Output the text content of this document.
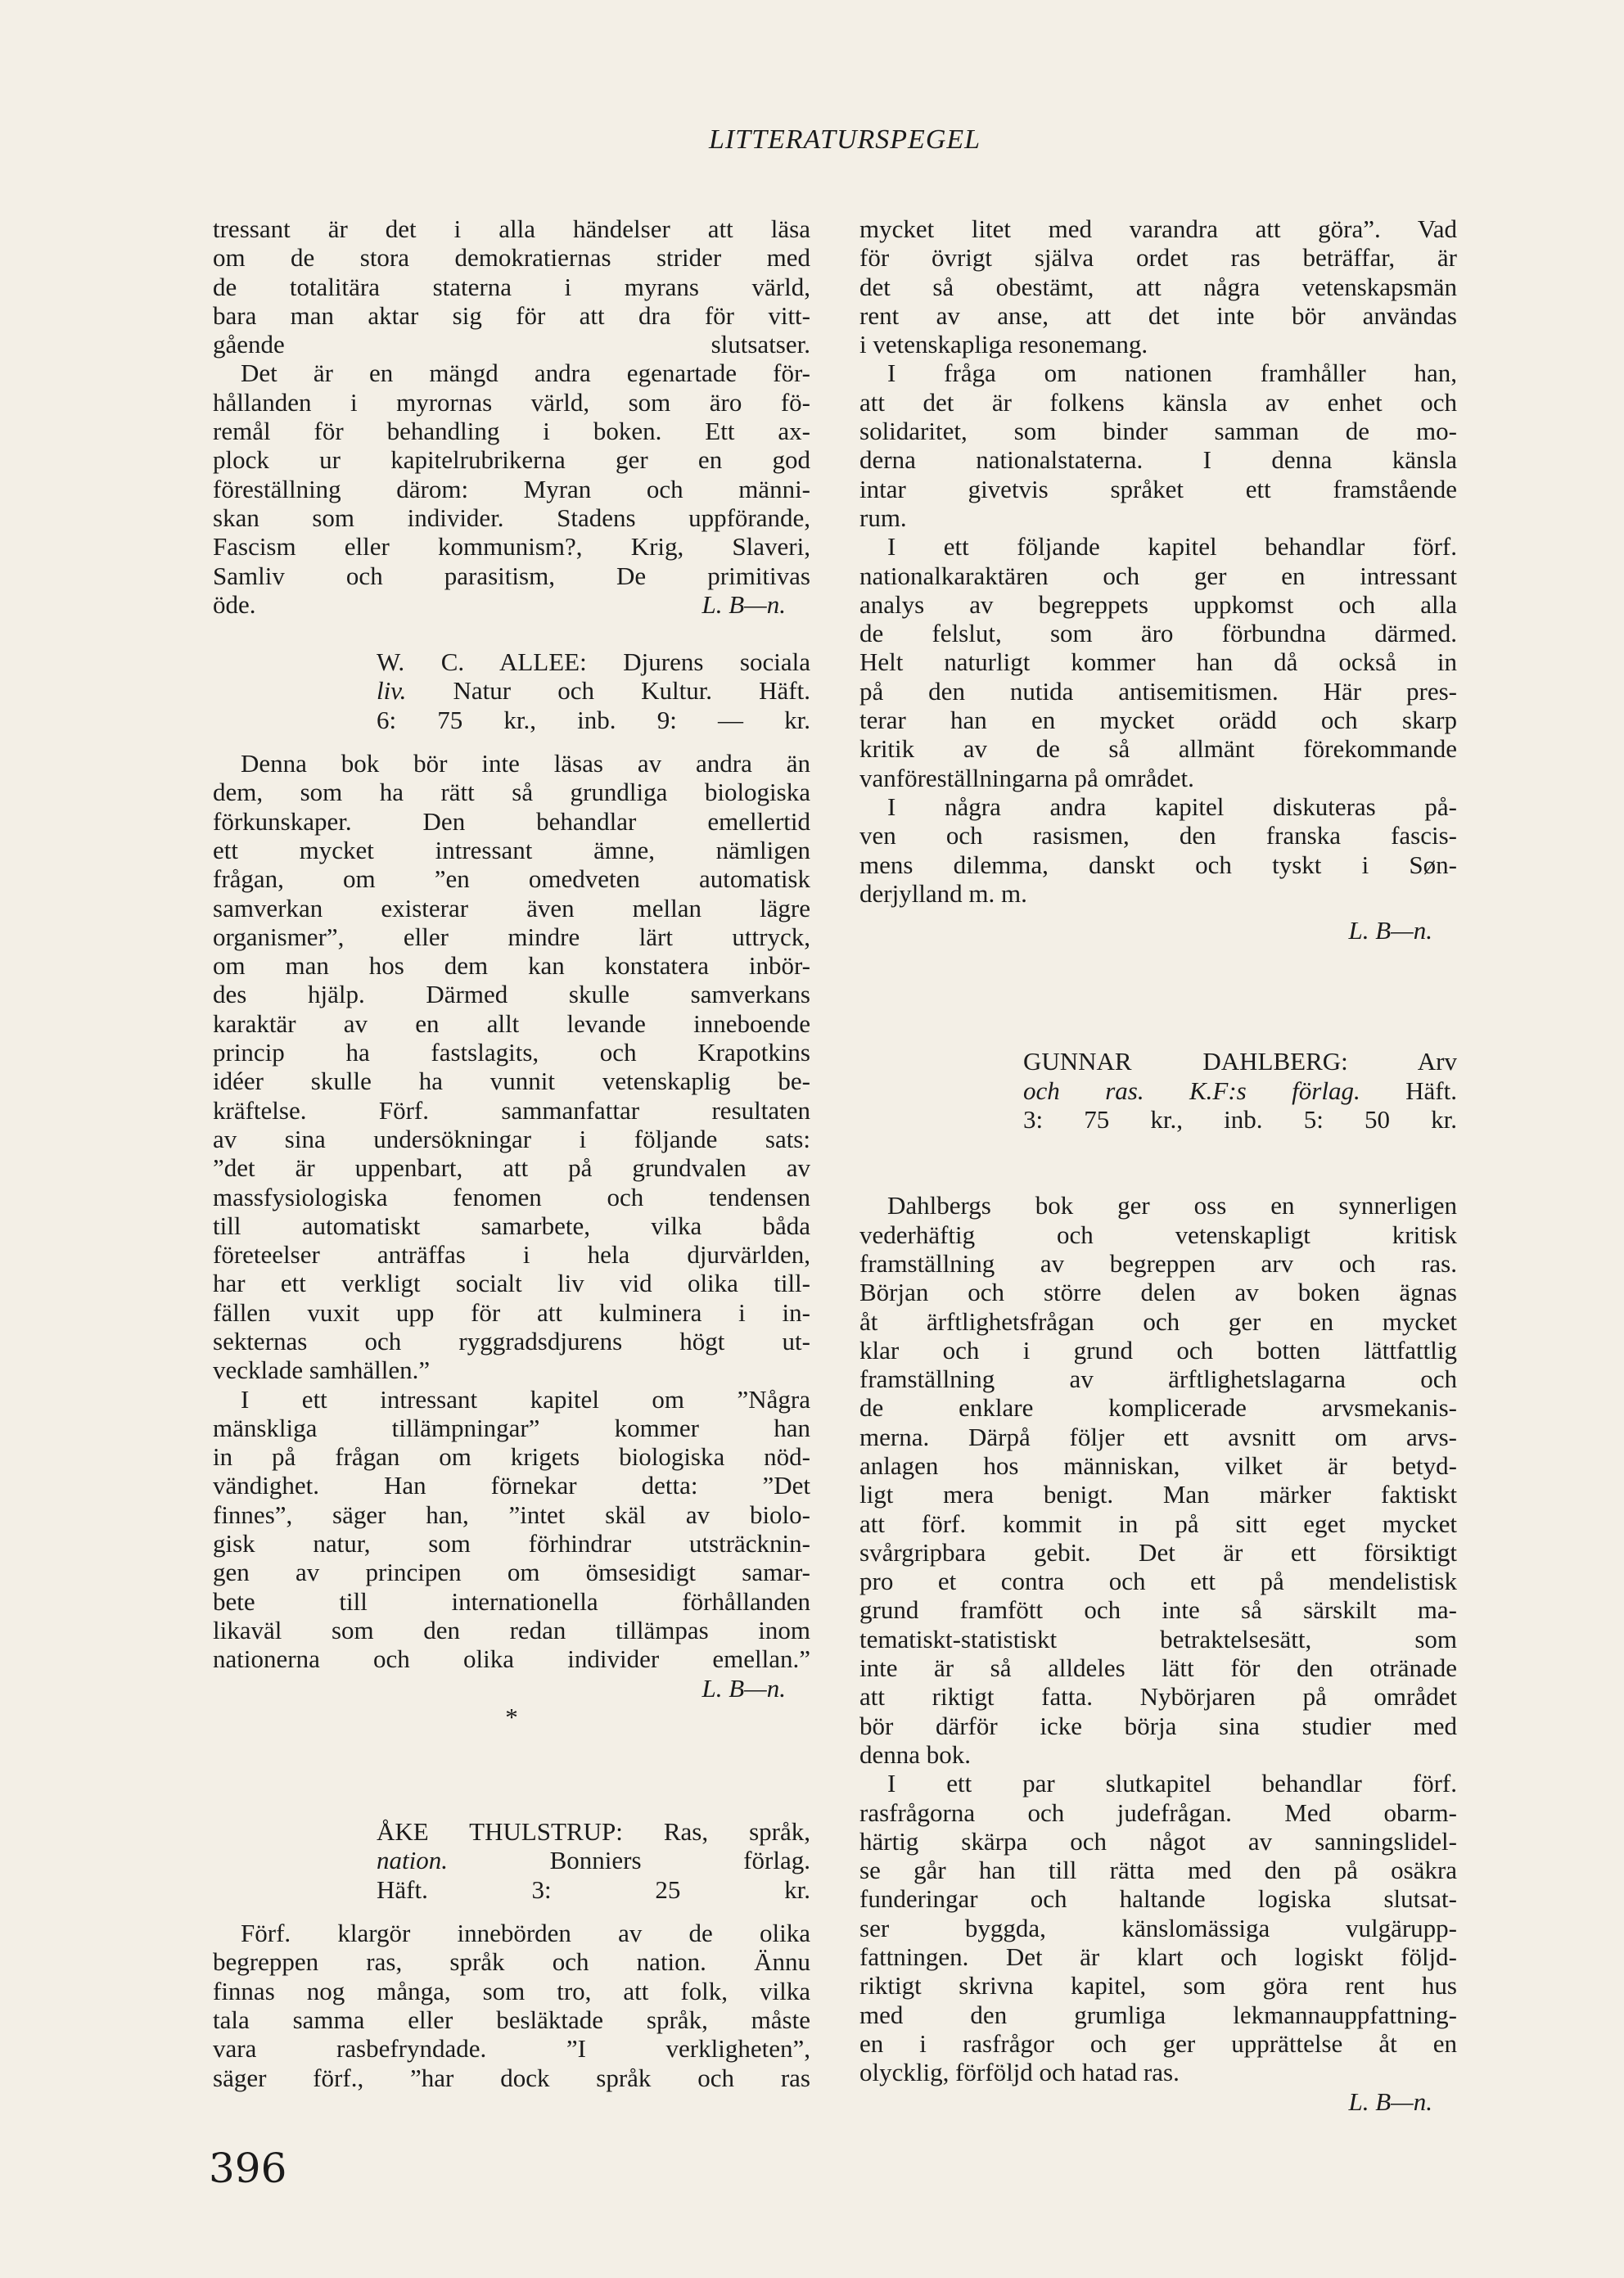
LITTERATURSPEGEL
tressant är det i alla händelser att läsa
om de stora demokratiernas strider med
de totalitära staterna i myrans värld,
bara man aktar sig för att dra för vitt-
gående slutsatser.
Det är en mängd andra egenartade för-
hållanden i myrornas värld, som äro fö-
remål för behandling i boken. Ett ax-
plock ur kapitelrubrikerna ger en god
föreställning därom: Myran och männi-
skan som individer. Stadens uppförande,
Fascism eller kommunism?, Krig, Slaveri,
Samliv och parasitism, De primitivas
öde.	L. B—n.
W. C. ALLEE: Djurens sociala
liv. Natur och Kultur. Häft.
6: 75 kr., inb. 9: — kr.
Denna bok bör inte läsas av andra än
dem, som ha rätt så grundliga biologiska
förkunskaper. Den behandlar emellertid
ett mycket intressant ämne, nämligen
frågan, om ”en omedveten automatisk
samverkan existerar även mellan lägre
organismer”, eller mindre lärt uttryck,
om man hos dem kan konstatera inbör-
des hjälp. Därmed skulle samverkans
karaktär av en allt levande inneboende
princip ha fastslagits, och Krapotkins
idéer skulle ha vunnit vetenskaplig be-
kräftelse. Förf. sammanfattar resultaten
av sina undersökningar i följande sats:
”det är uppenbart, att på grundvalen av
massfysiologiska fenomen och tendensen
till automatiskt samarbete, vilka båda
företeelser anträffas i hela djurvärlden,
har ett verkligt socialt liv vid olika till-
fällen vuxit upp för att kulminera i in-
sekternas och ryggradsdjurens högt ut-
vecklade samhällen.”
I ett intressant kapitel om ”Några
mänskliga tillämpningar” kommer han
in på frågan om krigets biologiska nöd-
vändighet. Han förnekar detta: ”Det
finnes”, säger han, ”intet skäl av biolo-
gisk natur, som förhindrar utsträcknin-
gen av principen om ömsesidigt samar-
bete till internationella förhållanden
likaväl som den redan tillämpas inom
nationerna och olika individer emellan.”
L. B—n.
*
ÅKE THULSTRUP: Ras, språk,
nation. Bonniers förlag.
Häft. 3: 25 kr.
Förf. klargör innebörden av de olika
begreppen ras, språk och nation. Ännu
finnas nog många, som tro, att folk, vilka
tala samma eller besläktade språk, måste
vara rasbefryndade. ”I verkligheten”,
säger förf., ”har dock språk och ras
mycket litet med varandra att göra”. Vad
för övrigt själva ordet ras beträffar, är
det så obestämt, att några vetenskapsmän
rent av anse, att det inte bör användas
i vetenskapliga resonemang.
I fråga om nationen framhåller han,
att det är folkens känsla av enhet och
solidaritet, som binder samman de mo-
derna nationalstaterna. I denna känsla
intar givetvis språket ett framstående
rum.
I ett följande kapitel behandlar förf.
nationalkaraktären och ger en intressant
analys av begreppets uppkomst och alla
de felslut, som äro förbundna därmed.
Helt naturligt kommer han då också in
på den nutida antisemitismen. Här pres-
terar han en mycket orädd och skarp
kritik av de så allmänt förekommande
vanföreställningarna på området.
I några andra kapitel diskuteras på-
ven och rasismen, den franska fascis-
mens dilemma, danskt och tyskt i Søn-
derjylland m. m.
L. B—n.
GUNNAR DAHLBERG: Arv
och ras. K.F:s förlag. Häft.
3: 75 kr., inb. 5: 50 kr.
Dahlbergs bok ger oss en synnerligen
vederhäftig och vetenskapligt kritisk
framställning av begreppen arv och ras.
Början och större delen av boken ägnas
åt ärftlighetsfrågan och ger en mycket
klar och i grund och botten lättfattlig
framställning av ärftlighetslagarna och
de enklare komplicerade arvsmekanis-
merna. Därpå följer ett avsnitt om arvs-
anlagen hos människan, vilket är betyd-
ligt mera benigt. Man märker faktiskt
att förf. kommit in på sitt eget mycket
svårgripbara gebit. Det är ett försiktigt
pro et contra och ett på mendelistisk
grund framfött och inte så särskilt ma-
tematiskt-statistiskt betraktelsesätt, som
inte är så alldeles lätt för den otränade
att riktigt fatta. Nybörjaren på området
bör därför icke börja sina studier med
denna bok.
I ett par slutkapitel behandlar förf.
rasfrågorna och judefrågan. Med obarm-
härtig skärpa och något av sanningslidel-
se går han till rätta med den på osäkra
funderingar och haltande logiska slutsat-
ser byggda, känslomässiga vulgärupp-
fattningen. Det är klart och logiskt följd-
riktigt skrivna kapitel, som göra rent hus
med den grumliga lekmannauppfattning-
en i rasfrågor och ger upprättelse åt en
olycklig, förföljd och hatad ras.
L. B—n.
396
